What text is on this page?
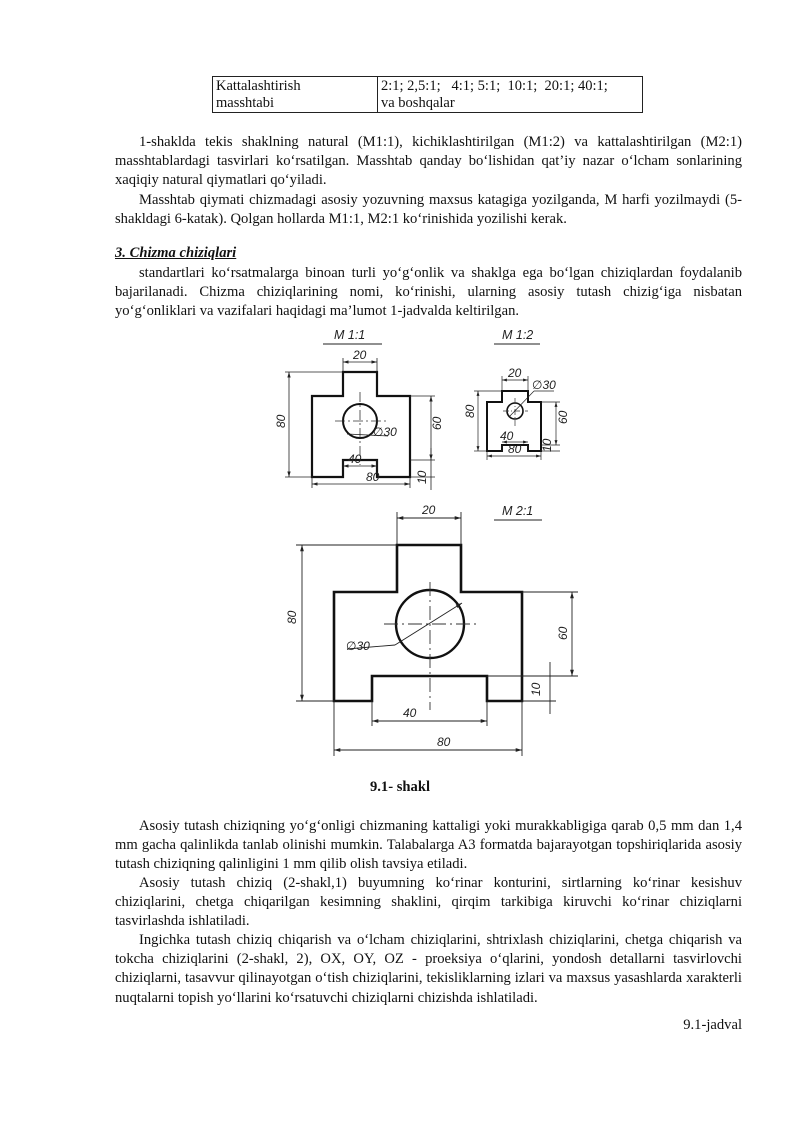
Kattalashtirish
masshtabi	2:1; 2,5:1;   4:1; 5:1;  10:1;  20:1; 40:1;
va boshqalar

1-shaklda tekis shaklning natural (M1:1), kichiklashtirilgan (M1:2) va kattalashtirilgan (M2:1) masshtablardagi tasvirlari ko‘rsatilgan. Masshtab qanday bo‘lishidan qat’iy nazar o‘lcham sonlarining xaqiqiy natural qiymatlari qo‘yiladi.

Masshtab qiymati chizmadagi asosiy yozuvning maxsus katagiga yozilganda, M harfi yozilmaydi (5-shakldagi 6-katak). Qolgan hollarda M1:1, M2:1 ko‘rinishida yozilishi kerak.

3. Chizma chiziqlari

standartlari ko‘rsatmalarga binoan turli yo‘g‘onlik va shaklga ega bo‘lgan chiziqlardan foydalanib bajarilanadi. Chizma chiziqlarining nomi, ko‘rinishi, ularning asosiy tutash chizig‘iga nisbatan yo‘g‘onliklari va vazifalari haqidagi ma’lumot 1-jadvalda keltirilgan.

M 1:1
20
80	60
10
40
80
∅30
M 1:2
20
∅30
80	60
10
40
80
M 2:1
20
80
∅30
60
10
40
80
9.1- shakl

Asosiy tutash chiziqning yo‘g‘onligi chizmaning kattaligi yoki murakkabligiga qarab 0,5 mm dan 1,4 mm gacha qalinlikda tanlab olinishi mumkin. Talabalarga A3 formatda bajarayotgan topshiriqlarida asosiy tutash chiziqning qalinligini 1 mm qilib olish tavsiya etiladi.

Asosiy tutash chiziq (2-shakl,1) buyumning ko‘rinar konturini, sirtlarning ko‘rinar kesishuv chiziqlarini, chetga chiqarilgan kesimning shaklini, qirqim tarkibiga kiruvchi ko‘rinar chiziqlarni tasvirlashda ishlatiladi.

Ingichka tutash chiziq chiqarish va o‘lcham chiziqlarini, shtrixlash chiziqlarini, chetga chiqarish va tokcha chiziqlarini (2-shakl, 2), OX, OY, OZ - proeksiya o‘qlarini, yondosh detallarni tasvirlovchi chiziqlarni, tasavvur qilinayotgan o‘tish chiziqlarini, tekisliklarning izlari va maxsus yasashlarda xarakterli nuqtalarni topish yo‘llarini ko‘rsatuvchi chiziqlarni chizishda ishlatiladi.

9.1-jadval
